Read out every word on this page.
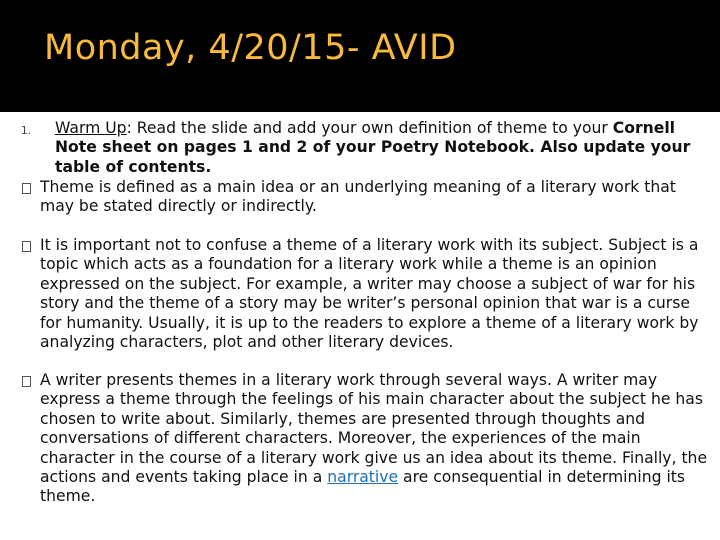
Monday, 4/20/15- AVID
1. Warm Up: Read the slide and add your own definition of theme to your Cornell Note sheet on pages 1 and 2 of your Poetry Notebook. Also update your table of contents.
Theme is defined as a main idea or an underlying meaning of a literary work that may be stated directly or indirectly.
It is important not to confuse a theme of a literary work with its subject. Subject is a topic which acts as a foundation for a literary work while a theme is an opinion expressed on the subject. For example, a writer may choose a subject of war for his story and the theme of a story may be writer’s personal opinion that war is a curse for humanity. Usually, it is up to the readers to explore a theme of a literary work by analyzing characters, plot and other literary devices.
A writer presents themes in a literary work through several ways. A writer may express a theme through the feelings of his main character about the subject he has chosen to write about. Similarly, themes are presented through thoughts and conversations of different characters. Moreover, the experiences of the main character in the course of a literary work give us an idea about its theme. Finally, the actions and events taking place in a narrative are consequential in determining its theme.
